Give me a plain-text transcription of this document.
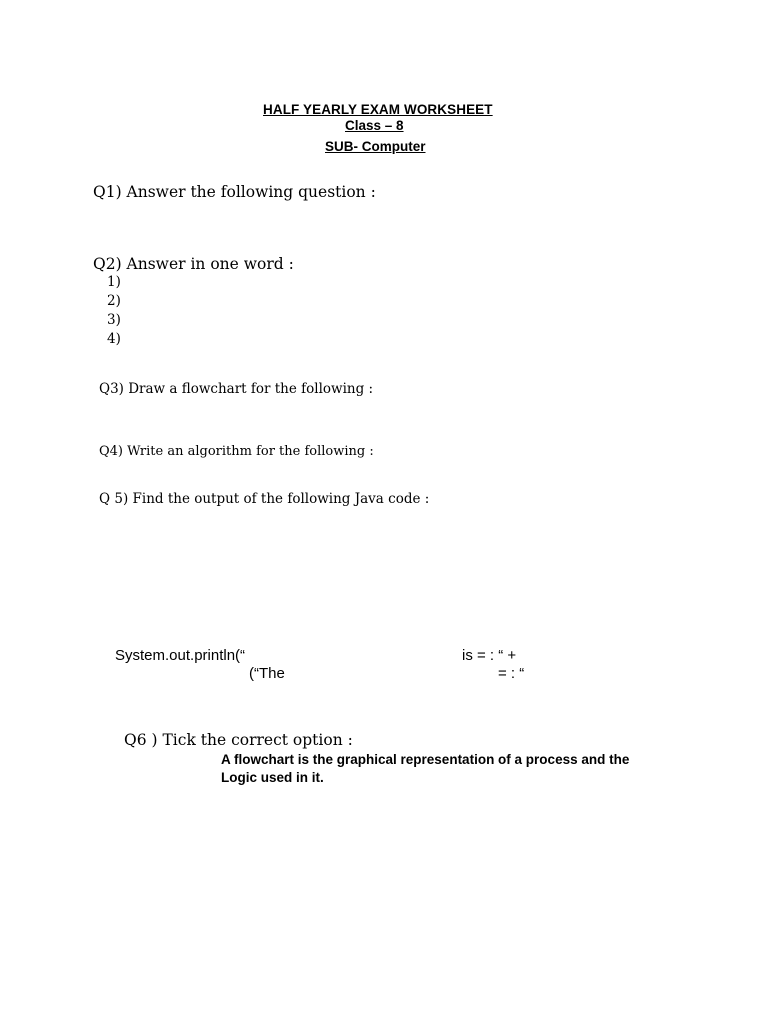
HALF YEARLY EXAM WORKSHEET
Class – 8
SUB- Computer
Q1) Answer the following question :
Q2) Answer in one word :
1)
2)
3)
4)
Q3) Draw a flowchart for the following :
Q4) Write an algorithm for the following :
Q 5) Find the output of the following Java code :
System.out.println(“	is = : “ +
(“The	= : “
Q6 ) Tick the correct option :
A flowchart is the graphical representation of a process and the Logic used in it.
